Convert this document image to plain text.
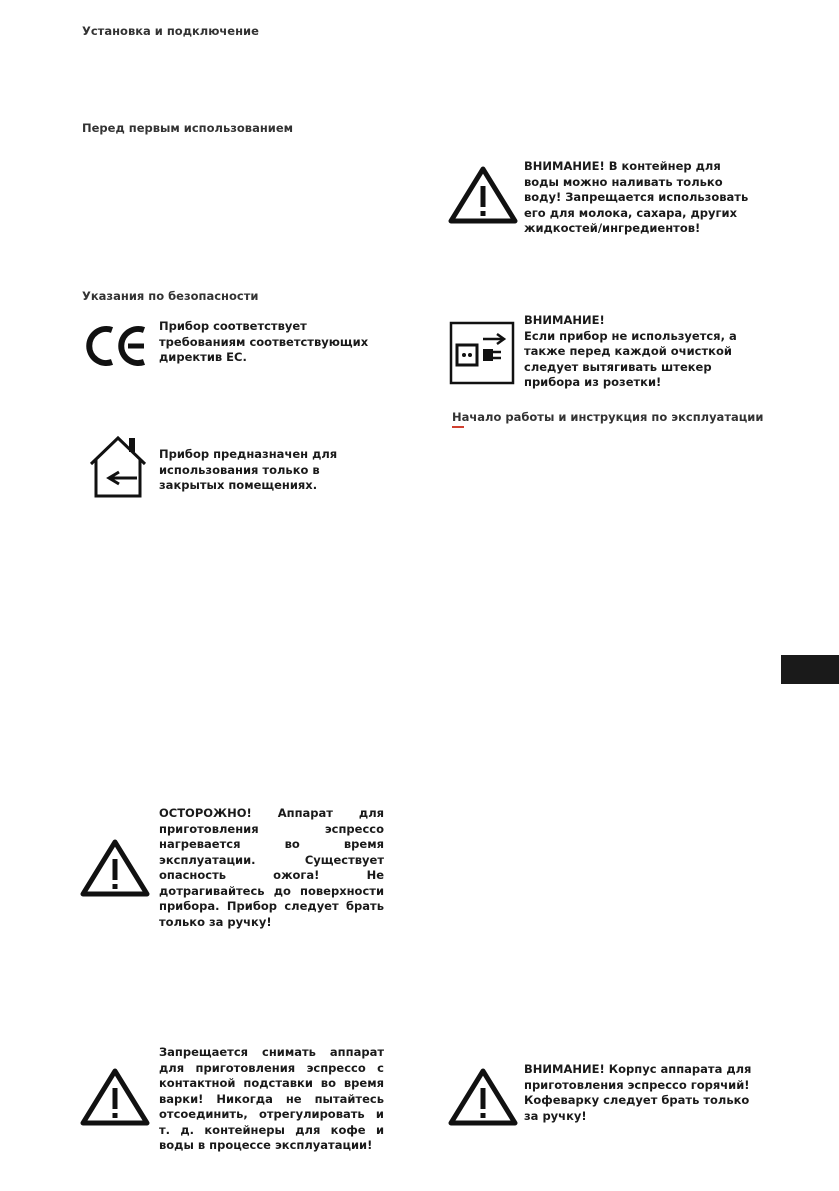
Установка и подключение
Перед первым использованием
Указания по безопасности
Прибор соответствует требованиям соответствующих директив ЕС.
Прибор предназначен для использования только в закрытых помещениях.
ОСТОРОЖНО! Аппарат для приготовления эспрессо нагревается во время эксплуатации. Существует опасность ожога! Не дотрагивайтесь до поверхности прибора. Прибор следует брать только за ручку!
Запрещается снимать аппарат для приготовления эспрессо с контактной подставки во время варки! Никогда не пытайтесь отсоединить, отрегулировать и т. д. контейнеры для кофе и воды в процессе эксплуатации!
ВНИМАНИЕ! В контейнер для воды можно наливать только воду! Запрещается использовать его для молока, сахара, других жидкостей/ингредиентов!
ВНИМАНИЕ!
Если прибор не используется, а также перед каждой очисткой следует вытягивать штекер прибора из розетки!
Начало работы и инструкция по эксплуатации
ВНИМАНИЕ! Корпус аппарата для приготовления эспрессо горячий! Кофеварку следует брать только за ручку!
